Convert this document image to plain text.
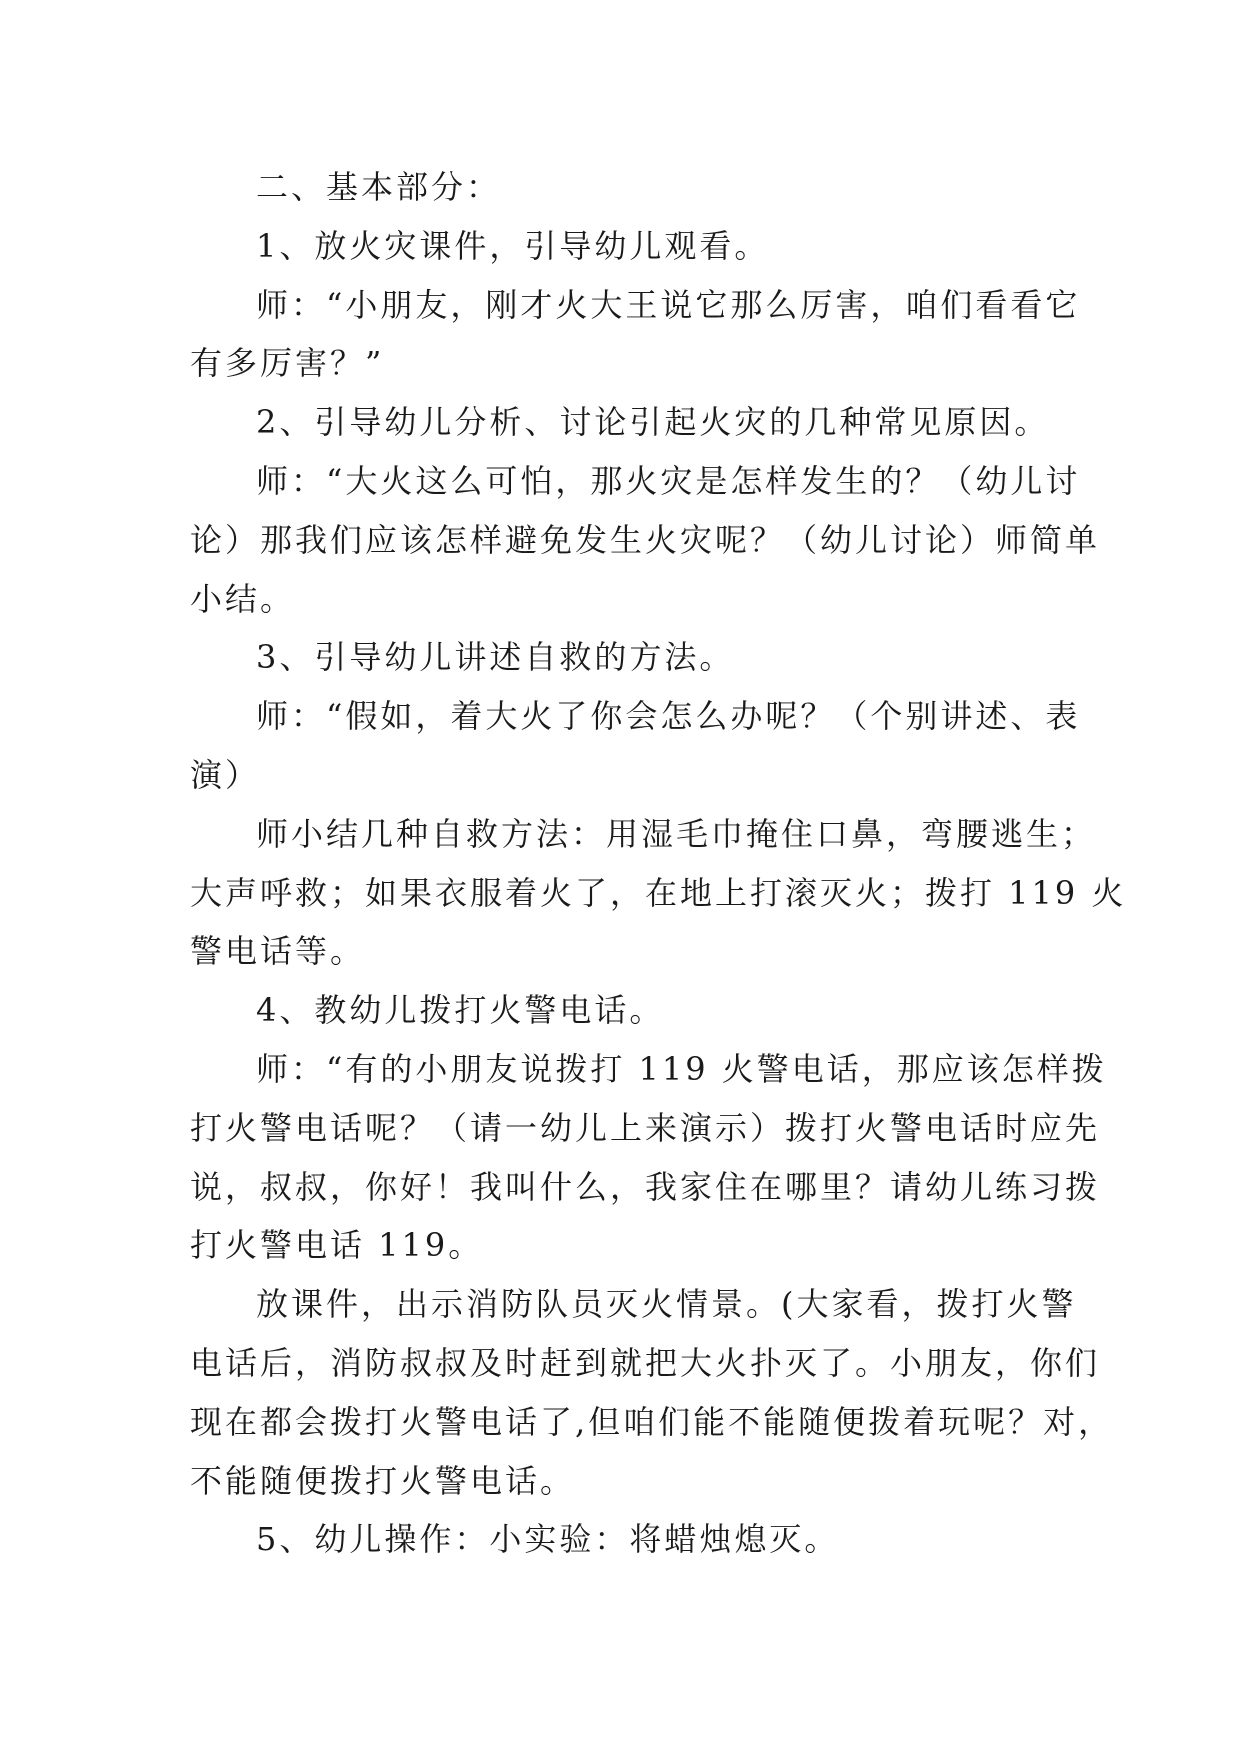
二、基本部分：

1、放火灾课件，引导幼儿观看。

师：“小朋友，刚才火大王说它那么厉害，咱们看看它
有多厉害？”

2、引导幼儿分析、讨论引起火灾的几种常见原因。

师：“大火这么可怕，那火灾是怎样发生的？（幼儿讨
论）那我们应该怎样避免发生火灾呢？（幼儿讨论）师简单
小结。

3、引导幼儿讲述自救的方法。

师：“假如，着大火了你会怎么办呢？（个别讲述、表
演）

师小结几种自救方法：用湿毛巾掩住口鼻，弯腰逃生；
大声呼救；如果衣服着火了，在地上打滚灭火；拨打 119 火
警电话等。

4、教幼儿拨打火警电话。

师：“有的小朋友说拨打 119 火警电话，那应该怎样拨
打火警电话呢？（请一幼儿上来演示）拨打火警电话时应先
说，叔叔，你好！我叫什么，我家住在哪里？请幼儿练习拨
打火警电话 119。

放课件，出示消防队员灭火情景。(大家看，拨打火警
电话后，消防叔叔及时赶到就把大火扑灭了。小朋友，你们
现在都会拨打火警电话了,但咱们能不能随便拨着玩呢？对，
不能随便拨打火警电话。

5、幼儿操作：小实验：将蜡烛熄灭。
